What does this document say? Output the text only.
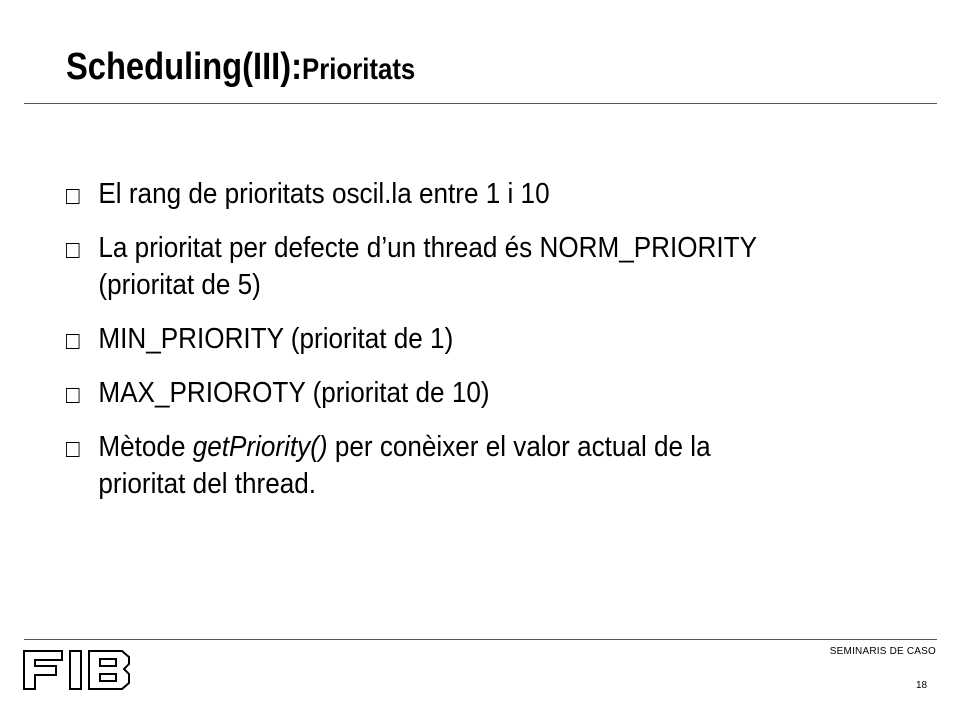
Scheduling(III):Prioritats
El rang de prioritats oscil.la entre 1 i 10
La prioritat per defecte d’un thread és NORM_PRIORITY
(prioritat de 5)
MIN_PRIORITY (prioritat de 1)
MAX_PRIOROTY (prioritat de 10)
Mètode getPriority() per conèixer el valor actual de la
prioritat del thread.
SEMINARIS DE CASO
18
